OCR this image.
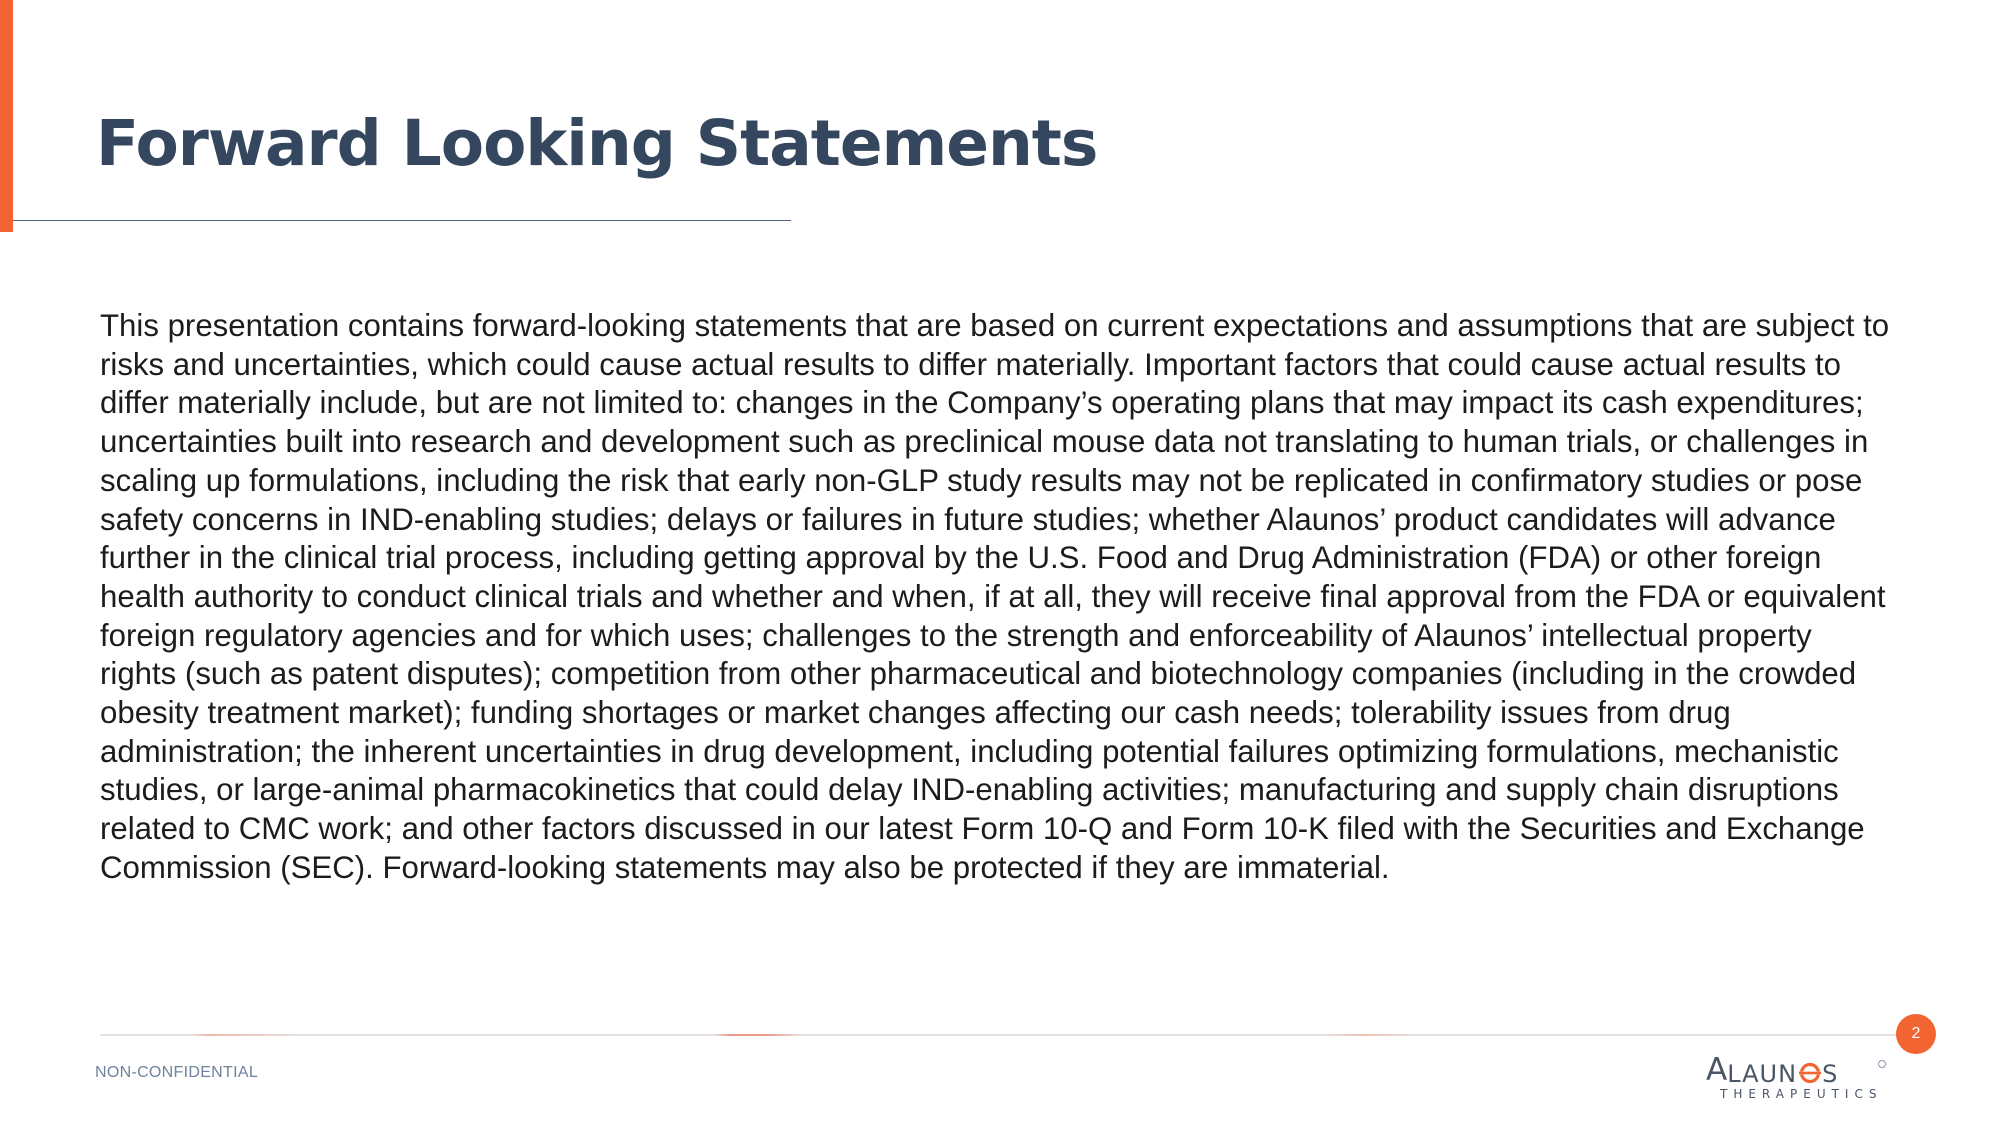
Forward Looking Statements

This presentation contains forward-looking statements that are based on current expectations and assumptions that are subject to risks and uncertainties, which could cause actual results to differ materially. Important factors that could cause actual results to differ materially include, but are not limited to: changes in the Company’s operating plans that may impact its cash expenditures; uncertainties built into research and development such as preclinical mouse data not translating to human trials, or challenges in scaling up formulations, including the risk that early non-GLP study results may not be replicated in confirmatory studies or pose safety concerns in IND-enabling studies; delays or failures in future studies; whether Alaunos’ product candidates will advance further in the clinical trial process, including getting approval by the U.S. Food and Drug Administration (FDA) or other foreign health authority to conduct clinical trials and whether and when, if at all, they will receive final approval from the FDA or equivalent foreign regulatory agencies and for which uses; challenges to the strength and enforceability of Alaunos’ intellectual property rights (such as patent disputes); competition from other pharmaceutical and biotechnology companies (including in the crowded obesity treatment market); funding shortages or market changes affecting our cash needs; tolerability issues from drug administration; the inherent uncertainties in drug development, including potential failures optimizing formulations, mechanistic studies, or large-animal pharmacokinetics that could delay IND-enabling activities; manufacturing and supply chain disruptions related to CMC work; and other factors discussed in our latest Form 10-Q and Form 10-K filed with the Securities and Exchange Commission (SEC). Forward-looking statements may also be protected if they are immaterial.

2
NON-CONFIDENTIAL	A LAUN S
THERAPEUTICS
